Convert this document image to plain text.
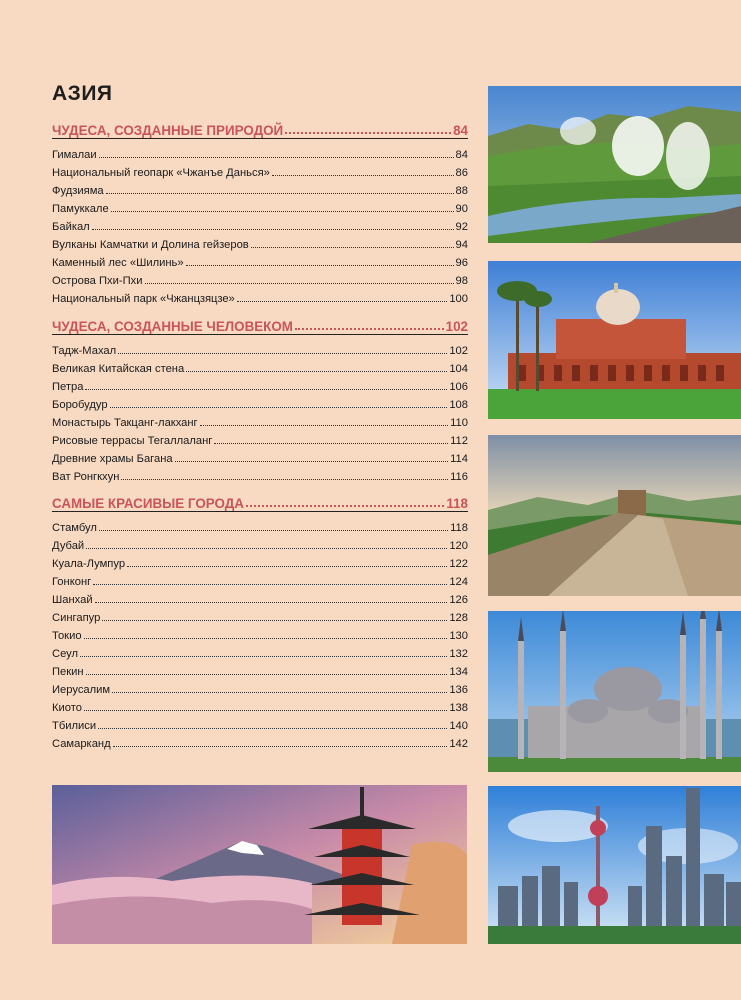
АЗИЯ
ЧУДЕСА, СОЗДАННЫЕ ПРИРОДОЙ	84
Гималаи	84
Национальный геопарк «Чжанъе Данься»	86
Фудзияма	88
Памуккале	90
Байкал	92
Вулканы Камчатки и Долина гейзеров	94
Каменный лес «Шилинь»	96
Острова Пхи-Пхи	98
Национальный парк «Чжанцзяцзе»	100
ЧУДЕСА, СОЗДАННЫЕ ЧЕЛОВЕКОМ	102
Тадж-Махал	102
Великая Китайская стена	104
Петра	106
Боробудур	108
Монастырь Такцанг-лакханг	110
Рисовые террасы Тегаллаланг	112
Древние храмы Багана	114
Ват Ронгкхун	116
САМЫЕ КРАСИВЫЕ ГОРОДА	118
Стамбул	118
Дубай	120
Куала-Лумпур	122
Гонконг	124
Шанхай	126
Сингапур	128
Токио	130
Сеул	132
Пекин	134
Иерусалим	136
Киото	138
Тбилиси	140
Самарканд	142
